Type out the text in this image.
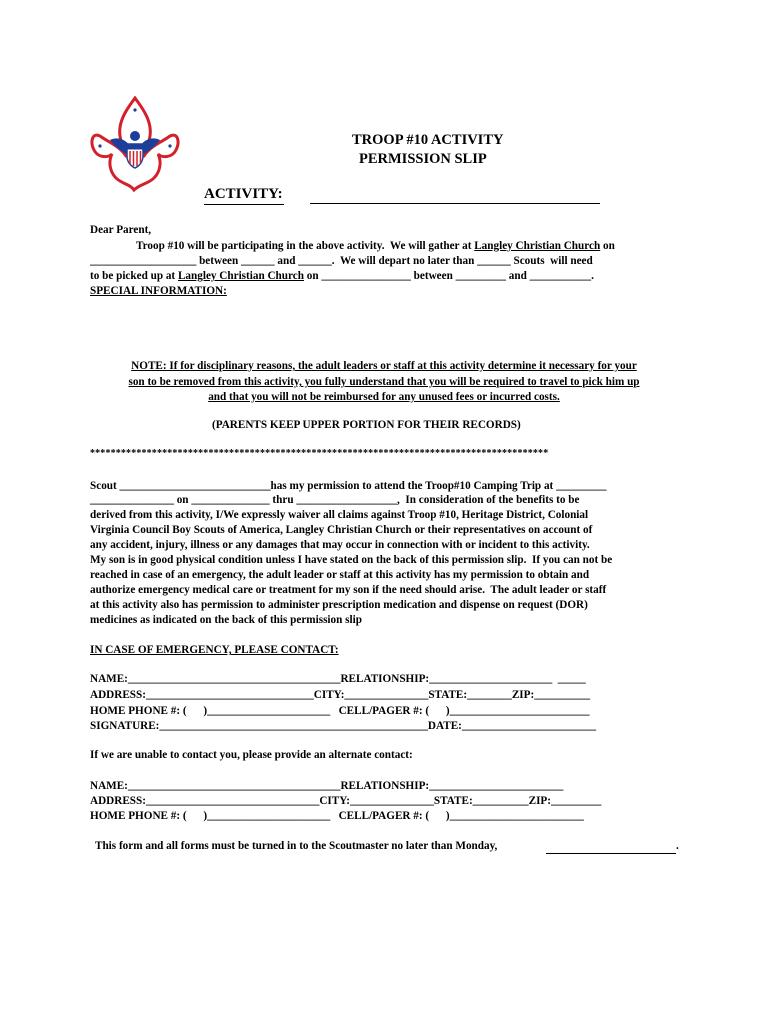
TROOP #10 ACTIVITY
PERMISSION SLIP
ACTIVITY:
Dear Parent,
Troop #10 will be participating in the above activity.  We will gather at Langley Christian Church on
___________________ between ______ and ______.  We will depart no later than ______ Scouts  will need
to be picked up at Langley Christian Church on ________________ between _________ and ___________.
SPECIAL INFORMATION:
NOTE: If for disciplinary reasons, the adult leaders or staff at this activity determine it necessary for your
son to be removed from this activity, you fully understand that you will be required to travel to pick him up
and that you will not be reimbursed for any unused fees or incurred costs.
(PARENTS KEEP UPPER PORTION FOR THEIR RECORDS)
*****************************************************************************************
Scout ___________________________has my permission to attend the Troop#10 Camping Trip at _________
_______________ on ______________ thru __________________,  In consideration of the benefits to be
derived from this activity, I/We expressly waiver all claims against Troop #10, Heritage District, Colonial
Virginia Council Boy Scouts of America, Langley Christian Church or their representatives on account of
any accident, injury, illness or any damages that may occur in connection with or incident to this activity.
My son is in good physical condition unless I have stated on the back of this permission slip.  If you can not be
reached in case of an emergency, the adult leader or staff at this activity has my permission to obtain and
authorize emergency medical care or treatment for my son if the need should arise.  The adult leader or staff
at this activity also has permission to administer prescription medication and dispense on request (DOR)
medicines as indicated on the back of this permission slip
IN CASE OF EMERGENCY, PLEASE CONTACT:
NAME:______________________________________RELATIONSHIP:______________________  _____
ADDRESS:______________________________CITY:_______________STATE:________ZIP:__________
HOME PHONE #: (      )______________________   CELL/PAGER #: (      )_________________________
SIGNATURE:________________________________________________DATE:________________________
If we are unable to contact you, please provide an alternate contact:
NAME:______________________________________RELATIONSHIP:________________________
ADDRESS:_______________________________CITY:_______________STATE:__________ZIP:_________
HOME PHONE #: (      )______________________   CELL/PAGER #: (      )________________________
This form and all forms must be turned in to the Scoutmaster no later than Monday,	.
